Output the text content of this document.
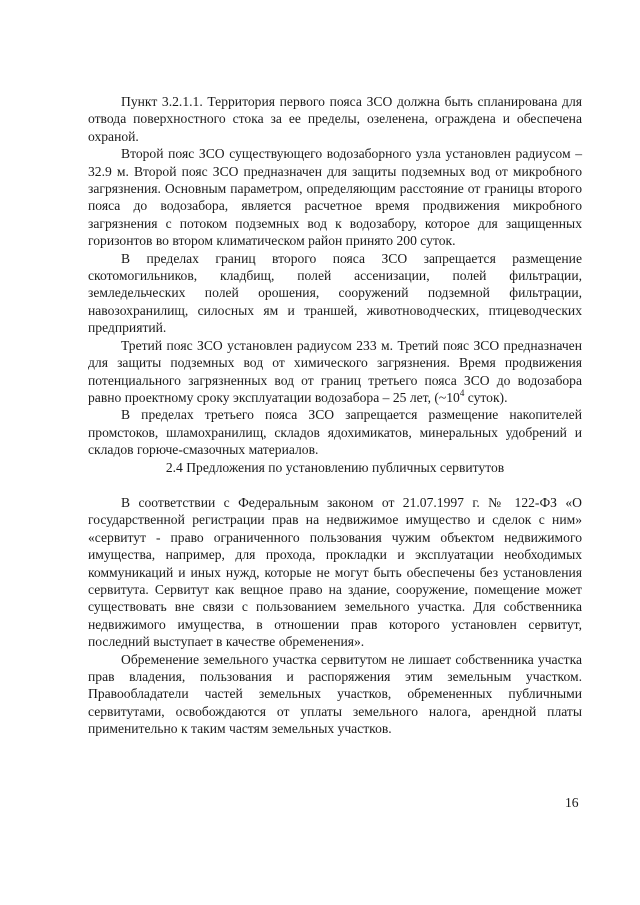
Пункт 3.2.1.1. Территория первого пояса ЗСО должна быть спланирована для отвода поверхностного стока за ее пределы, озеленена, ограждена и обеспечена охраной.

Второй пояс ЗСО существующего водозаборного узла установлен радиусом – 32.9 м. Второй пояс ЗСО предназначен для защиты подземных вод от микробного загрязнения. Основным параметром, определяющим расстояние от границы второго пояса до водозабора, является расчетное время продвижения микробного загрязнения с потоком подземных вод к водозабору, которое для защищенных горизонтов во втором климатическом район принято 200 суток.

В пределах границ второго пояса ЗСО запрещается размещение скотомогильников, кладбищ, полей ассенизации, полей фильтрации, земледельческих полей орошения, сооружений подземной фильтрации, навозохранилищ, силосных ям и траншей, животноводческих, птицеводческих предприятий.

Третий пояс ЗСО установлен радиусом 233 м. Третий пояс ЗСО предназначен для защиты подземных вод от химического загрязнения. Время продвижения потенциального загрязненных вод от границ третьего пояса ЗСО до водозабора равно проектному сроку эксплуатации водозабора – 25 лет, ($\sim 10^4$ суток).

В пределах третьего пояса ЗСО запрещается размещение накопителей промстоков, шламохранилищ, складов ядохимикатов, минеральных удобрений и складов горюче-смазочных материалов.

2.4 Предложения по установлению публичных сервитутов

В соответствии с Федеральным законом от 21.07.1997 г. № 122-ФЗ «О государственной регистрации прав на недвижимое имущество и сделок с ним» «сервитут - право ограниченного пользования чужим объектом недвижимого имущества, например, для прохода, прокладки и эксплуатации необходимых коммуникаций и иных нужд, которые не могут быть обеспечены без установления сервитута. Сервитут как вещное право на здание, сооружение, помещение может существовать вне связи с пользованием земельного участка. Для собственника недвижимого имущества, в отношении прав которого установлен сервитут, последний выступает в качестве обременения».

Обременение земельного участка сервитутом не лишает собственника участка прав владения, пользования и распоряжения этим земельным участком. Правообладатели частей земельных участков, обремененных публичными сервитутами, освобождаются от уплаты земельного налога, арендной платы применительно к таким частям земельных участков.

16
